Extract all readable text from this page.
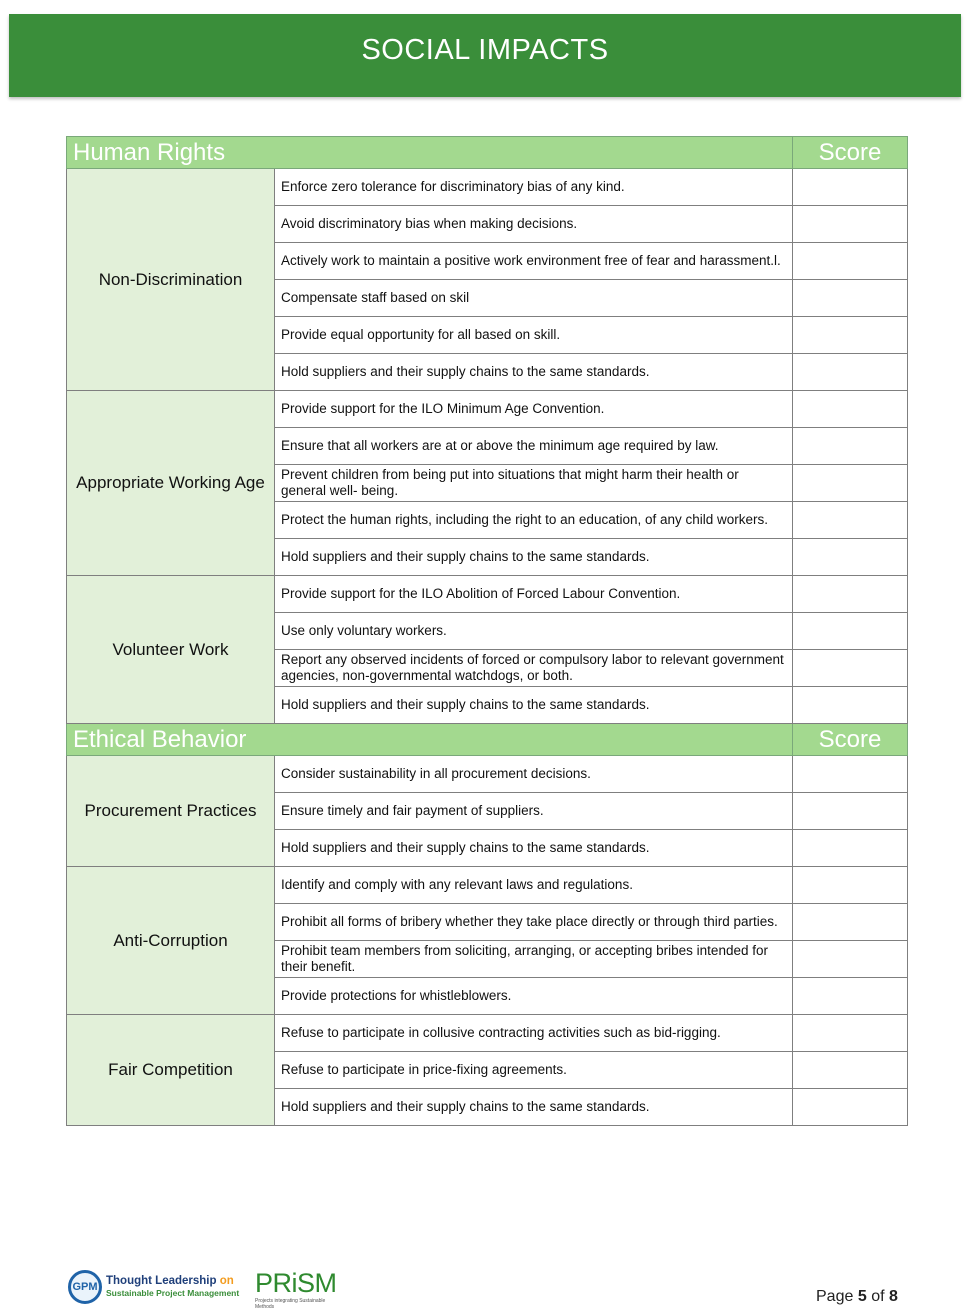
SOCIAL IMPACTS
Human Rights		Score
Non-Discrimination	Enforce zero tolerance for discriminatory bias of any kind.	
	Avoid discriminatory bias when making decisions.	
	Actively work to maintain a positive work environment free of fear and harassment.l.	
	Compensate staff based on skil	
	Provide equal opportunity for all based on skill.	
	Hold suppliers and their supply chains to the same standards.	
Appropriate Working Age	Provide support for the ILO Minimum Age Convention.	
	Ensure that all workers are at or above the minimum age required by law.	
	Prevent children from being put into situations that might harm their health or general well- being.	
	Protect the human rights, including the right to an education, of any child workers.	
	Hold suppliers and their supply chains to the same standards.	
Volunteer Work	Provide support for the ILO Abolition of Forced Labour Convention.	
	Use only voluntary workers.	
	Report any observed incidents of forced or compulsory labor to relevant government agencies, non-governmental watchdogs, or both.	
	Hold suppliers and their supply chains to the same standards.	
Ethical Behavior		Score
Procurement Practices	Consider sustainability in all procurement decisions.	
	Ensure timely and fair payment of suppliers.	
	Hold suppliers and their supply chains to the same standards.	
Anti-Corruption	Identify and comply with any relevant laws and regulations.	
	Prohibit all forms of bribery whether they take place directly or through third parties.	
	Prohibit team members from soliciting, arranging, or accepting bribes intended for their benefit.	
	Provide protections for whistleblowers.	
Fair Competition	Refuse to participate in collusive contracting activities such as bid-rigging.	
	Refuse to participate in price-fixing agreements.	
	Hold suppliers and their supply chains to the same standards.	
GPM Thought Leadership on
Sustainable Project Management PRiSM
Projects integrating Sustainable Methods
Page 5 of 8
